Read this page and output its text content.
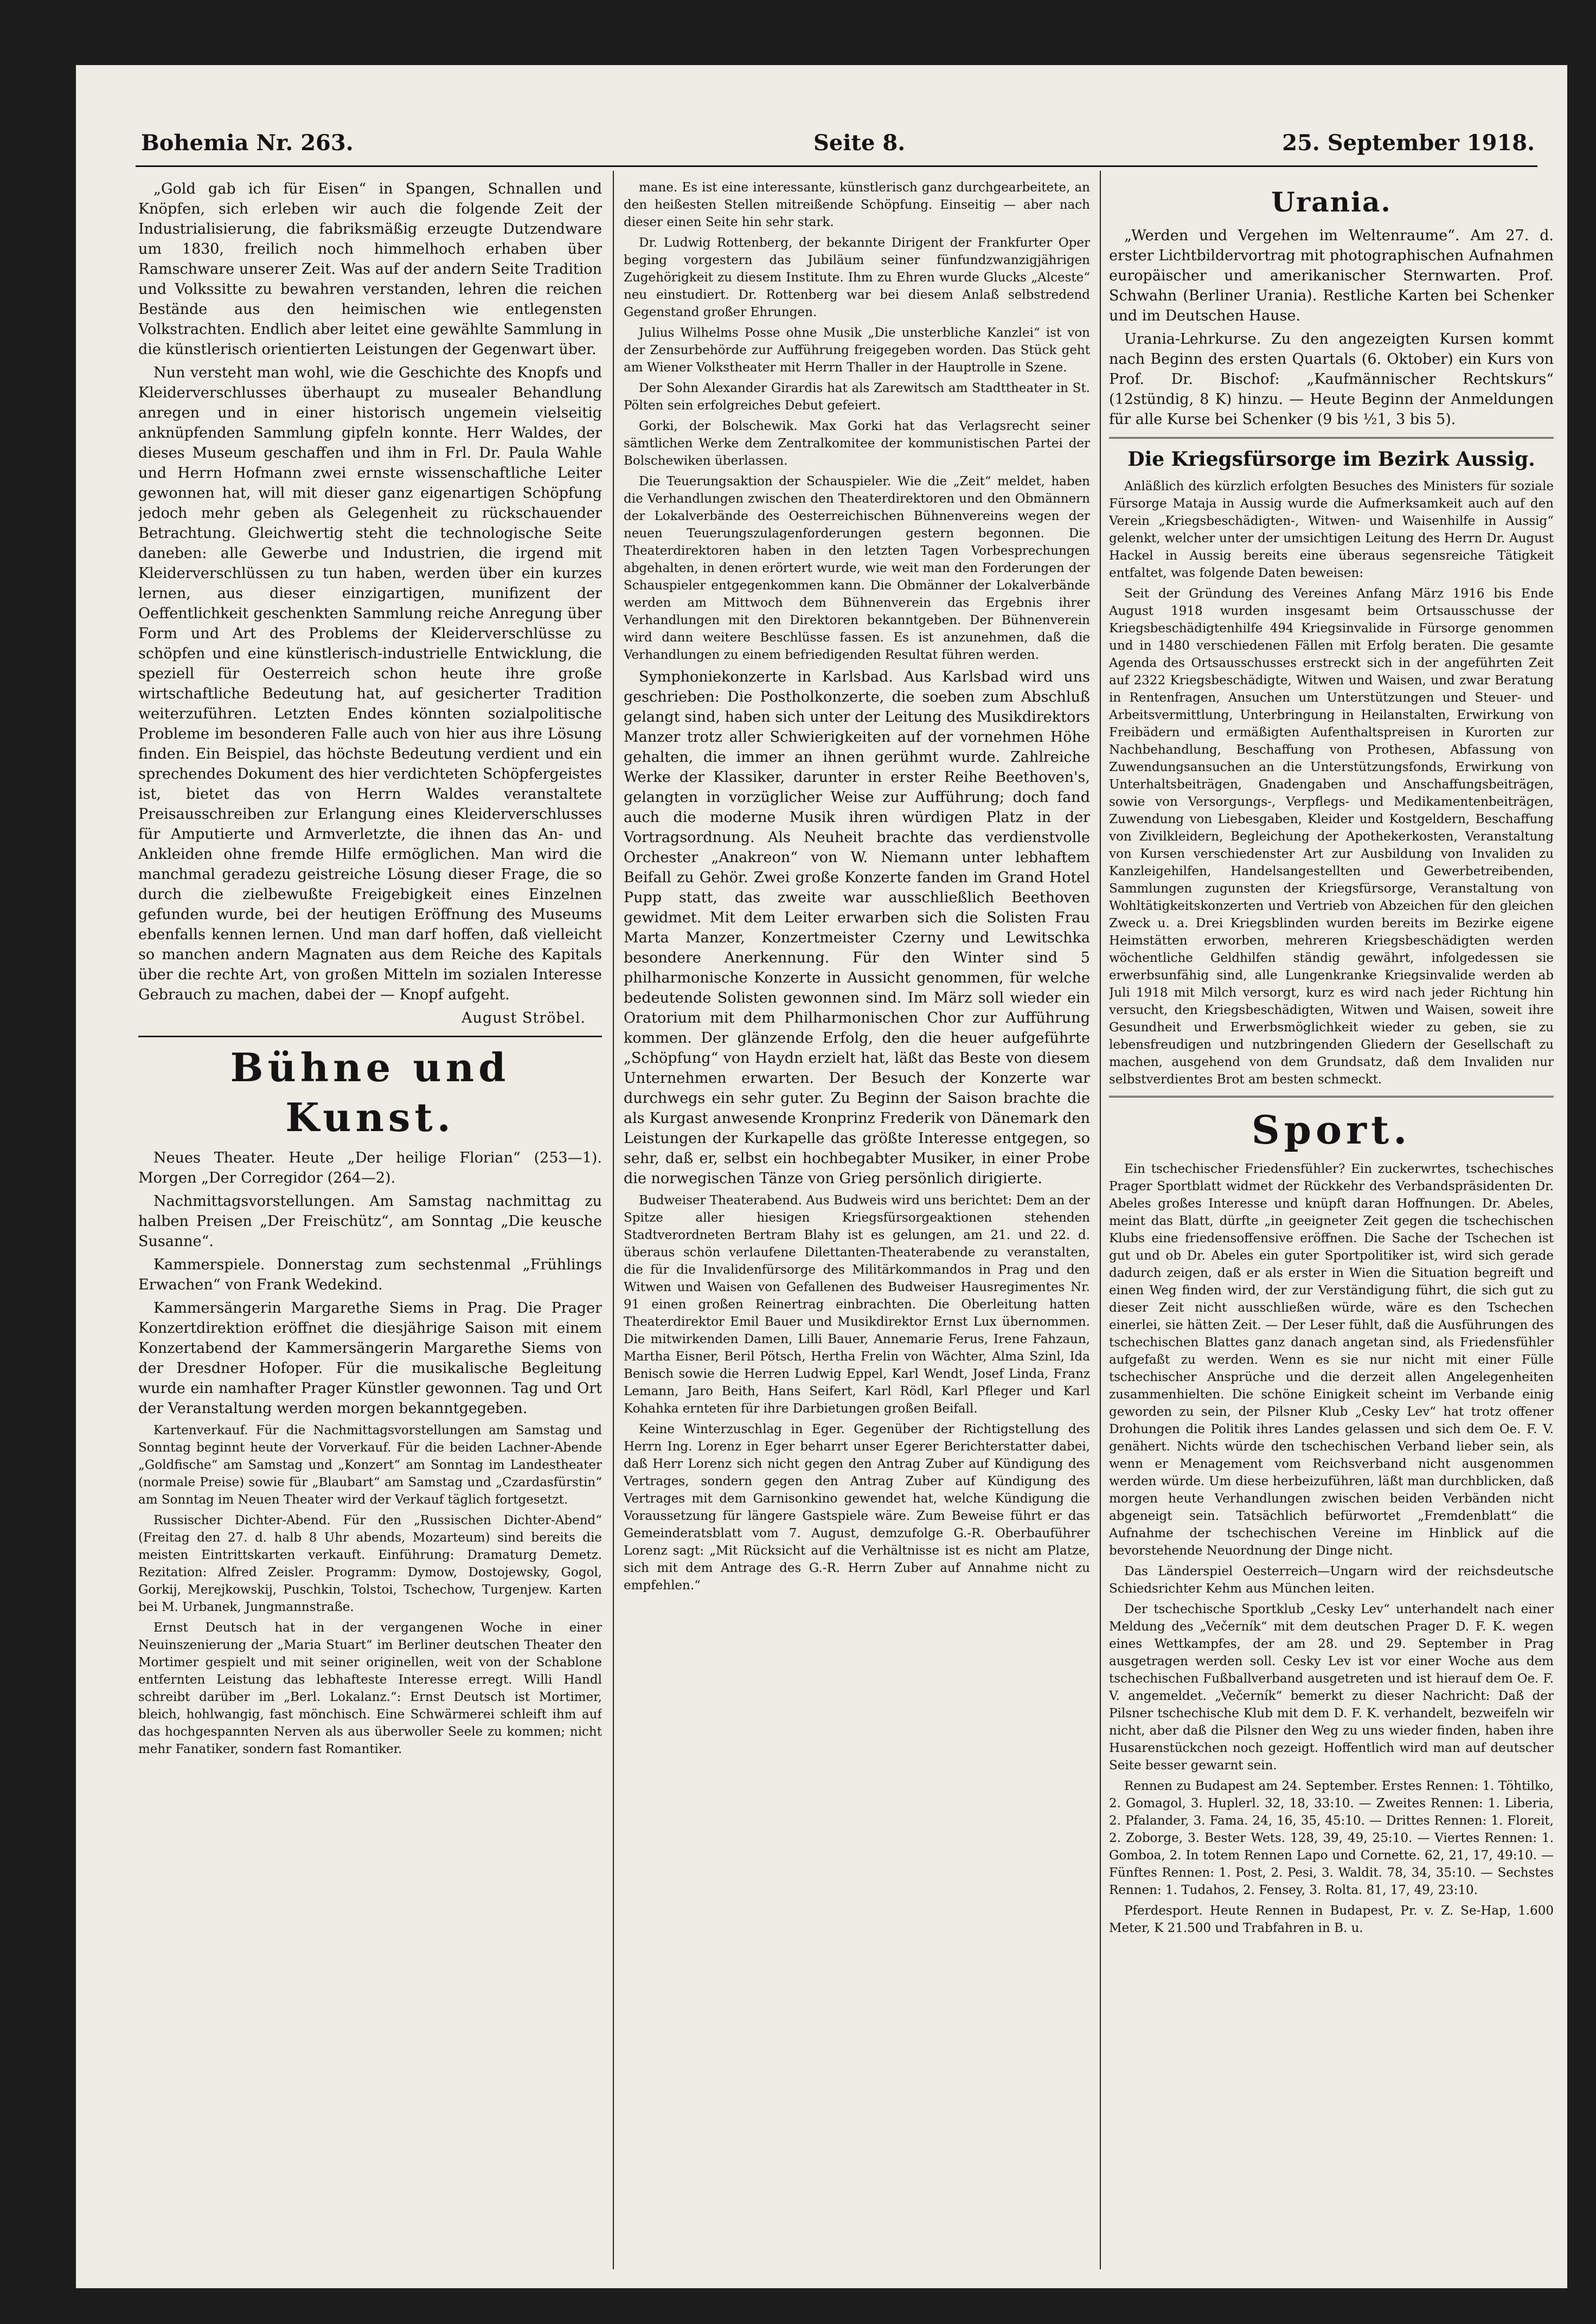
Bohemia Nr. 263.	Seite 8.	25. September 1918.

„Gold gab ich für Eisen“ in Spangen, Schnallen und Knöpfen, sich erleben wir auch die folgende Zeit der Industrialisierung, die fabriksmäßig erzeugte Dutzendware um 1830, freilich noch himmelhoch erhaben über Ramschware unserer Zeit. Was auf der andern Seite Tradition und Volkssitte zu bewahren verstanden, lehren die reichen Bestände aus den heimischen wie entlegensten Volkstrachten. Endlich aber leitet eine gewählte Sammlung in die künstlerisch orientierten Leistungen der Gegenwart über.

Nun versteht man wohl, wie die Geschichte des Knopfs und Kleiderverschlusses überhaupt zu musealer Behandlung anregen und in einer historisch ungemein vielseitig anknüpfenden Sammlung gipfeln konnte. Herr Waldes, der dieses Museum geschaffen und ihm in Frl. Dr. Paula Wahle und Herrn Hofmann zwei ernste wissenschaftliche Leiter gewonnen hat, will mit dieser ganz eigenartigen Schöpfung jedoch mehr geben als Gelegenheit zu rückschauender Betrachtung. Gleichwertig steht die technologische Seite daneben: alle Gewerbe und Industrien, die irgend mit Kleiderverschlüssen zu tun haben, werden über ein kurzes lernen, aus dieser einzigartigen, munifizent der Oeffentlichkeit geschenkten Sammlung reiche Anregung über Form und Art des Problems der Kleiderverschlüsse zu schöpfen und eine künstlerisch-industrielle Entwicklung, die speziell für Oesterreich schon heute ihre große wirtschaftliche Bedeutung hat, auf gesicherter Tradition weiterzuführen. Letzten Endes könnten sozialpolitische Probleme im besonderen Falle auch von hier aus ihre Lösung finden. Ein Beispiel, das höchste Bedeutung verdient und ein sprechendes Dokument des hier verdichteten Schöpfergeistes ist, bietet das von Herrn Waldes veranstaltete Preisausschreiben zur Erlangung eines Kleiderverschlusses für Amputierte und Armverletzte, die ihnen das An- und Ankleiden ohne fremde Hilfe ermöglichen. Man wird die manchmal geradezu geistreiche Lösung dieser Frage, die so durch die zielbewußte Freigebigkeit eines Einzelnen gefunden wurde, bei der heutigen Eröffnung des Museums ebenfalls kennen lernen. Und man darf hoffen, daß vielleicht so manchen andern Magnaten aus dem Reiche des Kapitals über die rechte Art, von großen Mitteln im sozialen Interesse Gebrauch zu machen, dabei der — Knopf aufgeht.

August Ströbel.
Bühne und Kunst.

Neues Theater. Heute „Der heilige Florian“ (253—1). Morgen „Der Corregidor (264—2).

Nachmittagsvorstellungen. Am Samstag nachmittag zu halben Preisen „Der Freischütz“, am Sonntag „Die keusche Susanne“.

Kammerspiele. Donnerstag zum sechstenmal „Frühlings Erwachen“ von Frank Wedekind.

Kammersängerin Margarethe Siems in Prag. Die Prager Konzertdirektion eröffnet die diesjährige Saison mit einem Konzertabend der Kammersängerin Margarethe Siems von der Dresdner Hofoper. Für die musikalische Begleitung wurde ein namhafter Prager Künstler gewonnen. Tag und Ort der Veranstaltung werden morgen bekanntgegeben.

Kartenverkauf. Für die Nachmittagsvorstellungen am Samstag und Sonntag beginnt heute der Vorverkauf. Für die beiden Lachner-Abende „Goldfische“ am Samstag und „Konzert“ am Sonntag im Landestheater (normale Preise) sowie für „Blaubart“ am Samstag und „Czardasfürstin“ am Sonntag im Neuen Theater wird der Verkauf täglich fortgesetzt.

Russischer Dichter-Abend. Für den „Russischen Dichter-Abend“ (Freitag den 27. d. halb 8 Uhr abends, Mozarteum) sind bereits die meisten Eintrittskarten verkauft. Einführung: Dramaturg Demetz. Rezitation: Alfred Zeisler. Programm: Dymow, Dostojewsky, Gogol, Gorkij, Merejkowskij, Puschkin, Tolstoi, Tschechow, Turgenjew. Karten bei M. Urbanek, Jungmannstraße.

Ernst Deutsch hat in der vergangenen Woche in einer Neuinszenierung der „Maria Stuart“ im Berliner deutschen Theater den Mortimer gespielt und mit seiner originellen, weit von der Schablone entfernten Leistung das lebhafteste Interesse erregt. Willi Handl schreibt darüber im „Berl. Lokalanz.“: Ernst Deutsch ist Mortimer, bleich, hohlwangig, fast mönchisch. Eine Schwärmerei schleift ihm auf das hochgespannten Nerven als aus überwoller Seele zu kommen; nicht mehr Fanatiker, sondern fast Romantiker.

mane. Es ist eine interessante, künstlerisch ganz durchgearbeitete, an den heißesten Stellen mitreißende Schöpfung. Einseitig — aber nach dieser einen Seite hin sehr stark.

Dr. Ludwig Rottenberg, der bekannte Dirigent der Frankfurter Oper beging vorgestern das Jubiläum seiner fünfundzwanzigjährigen Zugehörigkeit zu diesem Institute. Ihm zu Ehren wurde Glucks „Alceste“ neu einstudiert. Dr. Rottenberg war bei diesem Anlaß selbstredend Gegenstand großer Ehrungen.

Julius Wilhelms Posse ohne Musik „Die unsterbliche Kanzlei“ ist von der Zensurbehörde zur Aufführung freigegeben worden. Das Stück geht am Wiener Volkstheater mit Herrn Thaller in der Hauptrolle in Szene.

Der Sohn Alexander Girardis hat als Zarewitsch am Stadttheater in St. Pölten sein erfolgreiches Debut gefeiert.

Gorki, der Bolschewik. Max Gorki hat das Verlagsrecht seiner sämtlichen Werke dem Zentralkomitee der kommunistischen Partei der Bolschewiken überlassen.

Die Teuerungsaktion der Schauspieler. Wie die „Zeit“ meldet, haben die Verhandlungen zwischen den Theaterdirektoren und den Obmännern der Lokalverbände des Oesterreichischen Bühnenvereins wegen der neuen Teuerungszulagenforderungen gestern begonnen. Die Theaterdirektoren haben in den letzten Tagen Vorbesprechungen abgehalten, in denen erörtert wurde, wie weit man den Forderungen der Schauspieler entgegenkommen kann. Die Obmänner der Lokalverbände werden am Mittwoch dem Bühnenverein das Ergebnis ihrer Verhandlungen mit den Direktoren bekanntgeben. Der Bühnenverein wird dann weitere Beschlüsse fassen. Es ist anzunehmen, daß die Verhandlungen zu einem befriedigenden Resultat führen werden.

Symphoniekonzerte in Karlsbad. Aus Karlsbad wird uns geschrieben: Die Postholkonzerte, die soeben zum Abschluß gelangt sind, haben sich unter der Leitung des Musikdirektors Manzer trotz aller Schwierigkeiten auf der vornehmen Höhe gehalten, die immer an ihnen gerühmt wurde. Zahlreiche Werke der Klassiker, darunter in erster Reihe Beethoven's, gelangten in vorzüglicher Weise zur Aufführung; doch fand auch die moderne Musik ihren würdigen Platz in der Vortragsordnung. Als Neuheit brachte das verdienstvolle Orchester „Anakreon“ von W. Niemann unter lebhaftem Beifall zu Gehör. Zwei große Konzerte fanden im Grand Hotel Pupp statt, das zweite war ausschließlich Beethoven gewidmet. Mit dem Leiter erwarben sich die Solisten Frau Marta Manzer, Konzertmeister Czerny und Lewitschka besondere Anerkennung. Für den Winter sind 5 philharmonische Konzerte in Aussicht genommen, für welche bedeutende Solisten gewonnen sind. Im März soll wieder ein Oratorium mit dem Philharmonischen Chor zur Aufführung kommen. Der glänzende Erfolg, den die heuer aufgeführte „Schöpfung“ von Haydn erzielt hat, läßt das Beste von diesem Unternehmen erwarten. Der Besuch der Konzerte war durchwegs ein sehr guter. Zu Beginn der Saison brachte die als Kurgast anwesende Kronprinz Frederik von Dänemark den Leistungen der Kurkapelle das größte Interesse entgegen, so sehr, daß er, selbst ein hochbegabter Musiker, in einer Probe die norwegischen Tänze von Grieg persönlich dirigierte.

Budweiser Theaterabend. Aus Budweis wird uns berichtet: Dem an der Spitze aller hiesigen Kriegsfürsorgeaktionen stehenden Stadtverordneten Bertram Blahy ist es gelungen, am 21. und 22. d. überaus schön verlaufene Dilettanten-Theaterabende zu veranstalten, die für die Invalidenfürsorge des Militärkommandos in Prag und den Witwen und Waisen von Gefallenen des Budweiser Hausregimentes Nr. 91 einen großen Reinertrag einbrachten. Die Oberleitung hatten Theaterdirektor Emil Bauer und Musikdirektor Ernst Lux übernommen. Die mitwirkenden Damen, Lilli Bauer, Annemarie Ferus, Irene Fahzaun, Martha Eisner, Beril Pötsch, Hertha Frelin von Wächter, Alma Szinl, Ida Benisch sowie die Herren Ludwig Eppel, Karl Wendt, Josef Linda, Franz Lemann, Jaro Beith, Hans Seifert, Karl Rödl, Karl Pfleger und Karl Kohahka ernteten für ihre Darbietungen großen Beifall.

Keine Winterzuschlag in Eger. Gegenüber der Richtigstellung des Herrn Ing. Lorenz in Eger beharrt unser Egerer Berichterstatter dabei, daß Herr Lorenz sich nicht gegen den Antrag Zuber auf Kündigung des Vertrages, sondern gegen den Antrag Zuber auf Kündigung des Vertrages mit dem Garnisonkino gewendet hat, welche Kündigung die Voraussetzung für längere Gastspiele wäre. Zum Beweise führt er das Gemeinderatsblatt vom 7. August, demzufolge G.-R. Oberbauführer Lorenz sagt: „Mit Rücksicht auf die Verhältnisse ist es nicht am Platze, sich mit dem Antrage des G.-R. Herrn Zuber auf Annahme nicht zu empfehlen.“

Urania.

„Werden und Vergehen im Weltenraume“. Am 27. d. erster Lichtbildervortrag mit photographischen Aufnahmen europäischer und amerikanischer Sternwarten. Prof. Schwahn (Berliner Urania). Restliche Karten bei Schenker und im Deutschen Hause.

Urania-Lehrkurse. Zu den angezeigten Kursen kommt nach Beginn des ersten Quartals (6. Oktober) ein Kurs von Prof. Dr. Bischof: „Kaufmännischer Rechtskurs“ (12stündig, 8 K) hinzu. — Heute Beginn der Anmeldungen für alle Kurse bei Schenker (9 bis ½1, 3 bis 5).

Die Kriegsfürsorge im Bezirk Aussig.

Anläßlich des kürzlich erfolgten Besuches des Ministers für soziale Fürsorge Mataja in Aussig wurde die Aufmerksamkeit auch auf den Verein „Kriegsbeschädigten-, Witwen- und Waisenhilfe in Aussig“ gelenkt, welcher unter der umsichtigen Leitung des Herrn Dr. August Hackel in Aussig bereits eine überaus segensreiche Tätigkeit entfaltet, was folgende Daten beweisen:

Seit der Gründung des Vereines Anfang März 1916 bis Ende August 1918 wurden insgesamt beim Ortsausschusse der Kriegsbeschädigtenhilfe 494 Kriegsinvalide in Fürsorge genommen und in 1480 verschiedenen Fällen mit Erfolg beraten. Die gesamte Agenda des Ortsausschusses erstreckt sich in der angeführten Zeit auf 2322 Kriegsbeschädigte, Witwen und Waisen, und zwar Beratung in Rentenfragen, Ansuchen um Unterstützungen und Steuer- und Arbeitsvermittlung, Unterbringung in Heilanstalten, Erwirkung von Freibädern und ermäßigten Aufenthaltspreisen in Kurorten zur Nachbehandlung, Beschaffung von Prothesen, Abfassung von Zuwendungsansuchen an die Unterstützungsfonds, Erwirkung von Unterhaltsbeiträgen, Gnadengaben und Anschaffungsbeiträgen, sowie von Versorgungs-, Verpflegs- und Medikamentenbeiträgen, Zuwendung von Liebesgaben, Kleider und Kostgeldern, Beschaffung von Zivilkleidern, Begleichung der Apothekerkosten, Veranstaltung von Kursen verschiedenster Art zur Ausbildung von Invaliden zu Kanzleigehilfen, Handelsangestellten und Gewerbetreibenden, Sammlungen zugunsten der Kriegsfürsorge, Veranstaltung von Wohltätigkeitskonzerten und Vertrieb von Abzeichen für den gleichen Zweck u. a. Drei Kriegsblinden wurden bereits im Bezirke eigene Heimstätten erworben, mehreren Kriegsbeschädigten werden wöchentliche Geldhilfen ständig gewährt, infolgedessen sie erwerbsunfähig sind, alle Lungenkranke Kriegsinvalide werden ab Juli 1918 mit Milch versorgt, kurz es wird nach jeder Richtung hin versucht, den Kriegsbeschädigten, Witwen und Waisen, soweit ihre Gesundheit und Erwerbsmöglichkeit wieder zu geben, sie zu lebensfreudigen und nutzbringenden Gliedern der Gesellschaft zu machen, ausgehend von dem Grundsatz, daß dem Invaliden nur selbstverdientes Brot am besten schmeckt.

Sport.

Ein tschechischer Friedensfühler? Ein zuckerwrtes, tschechisches Prager Sportblatt widmet der Rückkehr des Verbandspräsidenten Dr. Abeles großes Interesse und knüpft daran Hoffnungen. Dr. Abeles, meint das Blatt, dürfte „in geeigneter Zeit gegen die tschechischen Klubs eine friedensoffensive eröffnen. Die Sache der Tschechen ist gut und ob Dr. Abeles ein guter Sportpolitiker ist, wird sich gerade dadurch zeigen, daß er als erster in Wien die Situation begreift und einen Weg finden wird, der zur Verständigung führt, die sich gut zu dieser Zeit nicht ausschließen würde, wäre es den Tschechen einerlei, sie hätten Zeit. — Der Leser fühlt, daß die Ausführungen des tschechischen Blattes ganz danach angetan sind, als Friedensfühler aufgefaßt zu werden. Wenn es sie nur nicht mit einer Fülle tschechischer Ansprüche und die derzeit allen Angelegenheiten zusammenhielten. Die schöne Einigkeit scheint im Verbande einig geworden zu sein, der Pilsner Klub „Cesky Lev“ hat trotz offener Drohungen die Politik ihres Landes gelassen und sich dem Oe. F. V. genähert. Nichts würde den tschechischen Verband lieber sein, als wenn er Menagement vom Reichsverband nicht ausgenommen werden würde. Um diese herbeizuführen, läßt man durchblicken, daß morgen heute Verhandlungen zwischen beiden Verbänden nicht abgeneigt sein. Tatsächlich befürwortet „Fremdenblatt“ die Aufnahme der tschechischen Vereine im Hinblick auf die bevorstehende Neuordnung der Dinge nicht.

Das Länderspiel Oesterreich—Ungarn wird der reichsdeutsche Schiedsrichter Kehm aus München leiten.

Der tschechische Sportklub „Cesky Lev“ unterhandelt nach einer Meldung des „Večerník“ mit dem deutschen Prager D. F. K. wegen eines Wettkampfes, der am 28. und 29. September in Prag ausgetragen werden soll. Cesky Lev ist vor einer Woche aus dem tschechischen Fußballverband ausgetreten und ist hierauf dem Oe. F. V. angemeldet. „Večerník“ bemerkt zu dieser Nachricht: Daß der Pilsner tschechische Klub mit dem D. F. K. verhandelt, bezweifeln wir nicht, aber daß die Pilsner den Weg zu uns wieder finden, haben ihre Husarenstückchen noch gezeigt. Hoffentlich wird man auf deutscher Seite besser gewarnt sein.

Rennen zu Budapest am 24. September. Erstes Rennen: 1. Töhtilko, 2. Gomagol, 3. Huplerl. 32, 18, 33:10. — Zweites Rennen: 1. Liberia, 2. Pfalander, 3. Fama. 24, 16, 35, 45:10. — Drittes Rennen: 1. Floreit, 2. Zoborge, 3. Bester Wets. 128, 39, 49, 25:10. — Viertes Rennen: 1. Gomboa, 2. In totem Rennen Lapo und Cornette. 62, 21, 17, 49:10. — Fünftes Rennen: 1. Post, 2. Pesi, 3. Waldit. 78, 34, 35:10. — Sechstes Rennen: 1. Tudahos, 2. Fensey, 3. Rolta. 81, 17, 49, 23:10.

Pferdesport. Heute Rennen in Budapest, Pr. v. Z. Se-Hap, 1.600 Meter, K 21.500 und Trabfahren in B. u.
